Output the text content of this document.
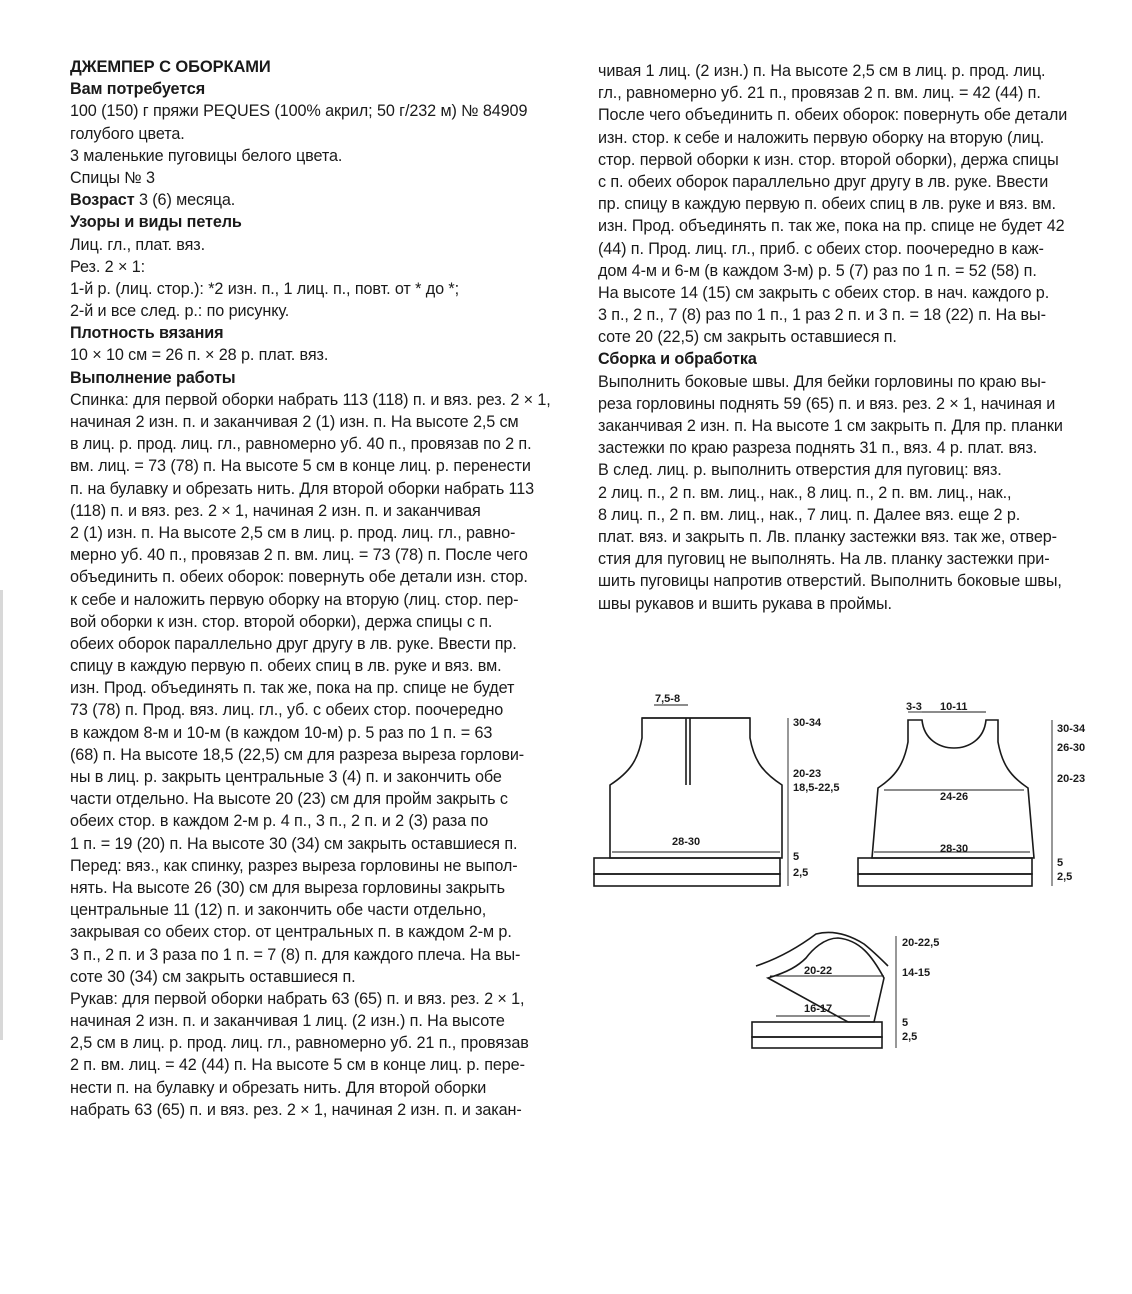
ДЖЕМПЕР С ОБОРКАМИ
Вам потребуется
100 (150) г пряжи PEQUES (100% акрил; 50 г/232 м) № 84909
голубого цвета.
3 маленькие пуговицы белого цвета.
Спицы № 3
Возраст 3 (6) месяца.
Узоры и виды петель
Лиц. гл., плат. вяз.
Рез. 2 × 1:
1-й р. (лиц. стор.): *2 изн. п., 1 лиц. п., повт. от * до *;
2-й и все след. р.: по рисунку.
Плотность вязания
10 × 10 см = 26 п. × 28 р. плат. вяз.
Выполнение работы
Спинка: для первой оборки набрать 113 (118) п. и вяз. рез. 2 × 1,
начиная 2 изн. п. и заканчивая 2 (1) изн. п. На высоте 2,5 см
в лиц. р. прод. лиц. гл., равномерно уб. 40 п., провязав по 2 п.
вм. лиц. = 73 (78) п. На высоте 5 см в конце лиц. р. перенести
п. на булавку и обрезать нить. Для второй оборки набрать 113
(118) п. и вяз. рез. 2 × 1, начиная 2 изн. п. и заканчивая
2 (1) изн. п. На высоте 2,5 см в лиц. р. прод. лиц. гл., равно-
мерно уб. 40 п., провязав 2 п. вм. лиц. = 73 (78) п. После чего
объединить п. обеих оборок: повернуть обе детали изн. стор.
к себе и наложить первую оборку на вторую (лиц. стор. пер-
вой оборки к изн. стор. второй оборки), держа спицы с п.
обеих оборок параллельно друг другу в лв. руке. Ввести пр.
спицу в каждую первую п. обеих спиц в лв. руке и вяз. вм.
изн. Прод. объединять п. так же, пока на пр. спице не будет
73 (78) п. Прод. вяз. лиц. гл., уб. с обеих стор. поочередно
в каждом 8-м и 10-м (в каждом 10-м) р. 5 раз по 1 п. = 63
(68) п. На высоте 18,5 (22,5) см для разреза выреза горлови-
ны в лиц. р. закрыть центральные 3 (4) п. и закончить обе
части отдельно. На высоте 20 (23) см для пройм закрыть с
обеих стор. в каждом 2-м р. 4 п., 3 п., 2 п. и 2 (3) раза по
1 п. = 19 (20) п. На высоте 30 (34) см закрыть оставшиеся п.
Перед: вяз., как спинку, разрез выреза горловины не выпол-
нять. На высоте 26 (30) см для выреза горловины закрыть
центральные 11 (12) п. и закончить обе части отдельно,
закрывая со обеих стор. от центральных п. в каждом 2-м р.
3 п., 2 п. и 3 раза по 1 п. = 7 (8) п. для каждого плеча. На вы-
соте 30 (34) см закрыть оставшиеся п.
Рукав: для первой оборки набрать 63 (65) п. и вяз. рез. 2 × 1,
начиная 2 изн. п. и заканчивая 1 лиц. (2 изн.) п. На высоте
2,5 см в лиц. р. прод. лиц. гл., равномерно уб. 21 п., провязав
2 п. вм. лиц. = 42 (44) п. На высоте 5 см в конце лиц. р. пере-
нести п. на булавку и обрезать нить. Для второй оборки
набрать 63 (65) п. и вяз. рез. 2 × 1, начиная 2 изн. п. и закан-
чивая 1 лиц. (2 изн.) п. На высоте 2,5 см в лиц. р. прод. лиц.
гл., равномерно уб. 21 п., провязав 2 п. вм. лиц. = 42 (44) п.
После чего объединить п. обеих оборок: повернуть обе детали
изн. стор. к себе и наложить первую оборку на вторую (лиц.
стор. первой оборки к изн. стор. второй оборки), держа спицы
с п. обеих оборок параллельно друг другу в лв. руке. Ввести
пр. спицу в каждую первую п. обеих спиц в лв. руке и вяз. вм.
изн. Прод. объединять п. так же, пока на пр. спице не будет 42
(44) п. Прод. лиц. гл., приб. с обеих стор. поочередно в каж-
дом 4-м и 6-м (в каждом 3-м) р. 5 (7) раз по 1 п. = 52 (58) п.
На высоте 14 (15) см закрыть с обеих стор. в нач. каждого р.
3 п., 2 п., 7 (8) раз по 1 п., 1 раз 2 п. и 3 п. = 18 (22) п. На вы-
соте 20 (22,5) см закрыть оставшиеся п.
Сборка и обработка
Выполнить боковые швы. Для бейки горловины по краю вы-
реза горловины поднять 59 (65) п. и вяз. рез. 2 × 1, начиная и
заканчивая 2 изн. п. На высоте 1 см закрыть п. Для пр. планки
застежки по краю разреза поднять 31 п., вяз. 4 р. плат. вяз.
В след. лиц. р. выполнить отверстия для пуговиц: вяз.
2 лиц. п., 2 п. вм. лиц., нак., 8 лиц. п., 2 п. вм. лиц., нак.,
8 лиц. п., 2 п. вм. лиц., нак., 7 лиц. п. Далее вяз. еще 2 р.
плат. вяз. и закрыть п. Лв. планку застежки вяз. так же, отвер-
стия для пуговиц не выполнять. На лв. планку застежки при-
шить пуговицы напротив отверстий. Выполнить боковые швы,
швы рукавов и вшить рукава в проймы.
7,5-8
28-30
30-34
20-23
18,5-22,5
5
2,5
3-3 10-11
24-26
28-30
30-34
26-30
20-23
5
2,5
20-22
16-17
20-22,5
14-15
5
2,5
